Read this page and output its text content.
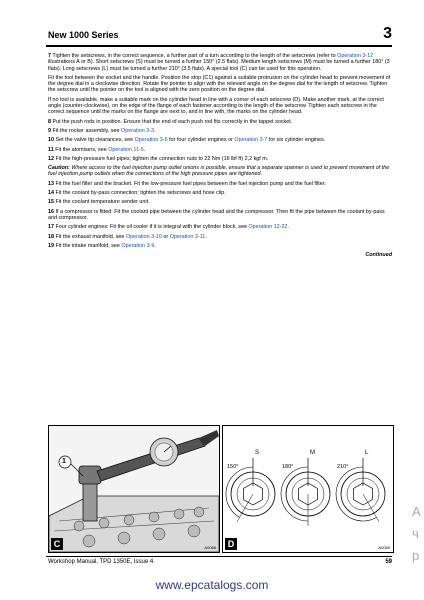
New 1000 Series	3

7 Tighten the setscrews, in the correct sequence, a further part of a turn according to the length of the setscrews (refer to Operation 3-12 illustrations A or B). Short setscrews (S) must be turned a further 150° (2.5 flats). Medium length setscrews (M) must be turned a further 180° (3 flats). Long setscrews (L) must be turned a further 210° (3.5 flats). A special tool (C) can be used for this operation.

Fit the tool between the socket and the handle. Position the stop (C1) against a suitable protrusion on the cylinder head to prevent movement of the degree dial in a clockwise direction. Rotate the pointer to align with the relevant angle on the degree dial for the length of setscrew. Tighten the setscrew until the pointer on the tool is aligned with the zero position on the degree dial.

If no tool is available, make a suitable mark on the cylinder head in line with a corner of each setscrew (D). Make another mark, at the correct angle (counter-clockwise), on the edge of the flange of each fastener according to the length of the setscrew. Tighten each setscrew in the correct sequence until the marks on the flange are next to, and in line with, the marks on the cylinder head.

8 Put the push rods in position. Ensure that the end of each push rod fits correctly in the tappet socket.

9 Fit the rocker assembly, see Operation 3-3.

10 Set the valve tip clearances, see Operation 3-6 for four cylinder engines or Operation 3-7 for six cylinder engines.

11 Fit the atomisers, see Operation 11-5.

12 Fit the high-pressure fuel pipes; tighten the connection nuts to 22 Nm (16 lbf ft) 2,2 kgf m.

Caution: Where access to the fuel injection pump outlet unions is possible, ensure that a separate spanner is used to prevent movement of the fuel injection pump outlets when the connections of the high pressure pipes are tightened.

13 Fit the fuel filter and the bracket. Fit the low-pressure fuel pipes between the fuel injection pump and the fuel filter.

14 Fit the coolant by-pass connection; tighten the setscrews and hose clip.

15 Fit the coolant temperature sender unit.

16 If a compressor is fitted: Fit the coolant pipe between the cylinder head and the compressor. Then fit the pipe between the coolant by-pass and compressor.

17 Four cylinder engines: Fit the oil cooler if it is integral with the cylinder block, see Operation 12-22.

18 Fit the exhaust manifold, see Operation 3-10 or Operation 3-11.

19 Fit the intake manifold, see Operation 3-9.

Continued
1
C	A0088
S
150°
M
180°
L
210°
D	A0089
Workshop Manual, TPD 1350E, Issue 4	59
www.epcatalogs.com
A
ч
р
